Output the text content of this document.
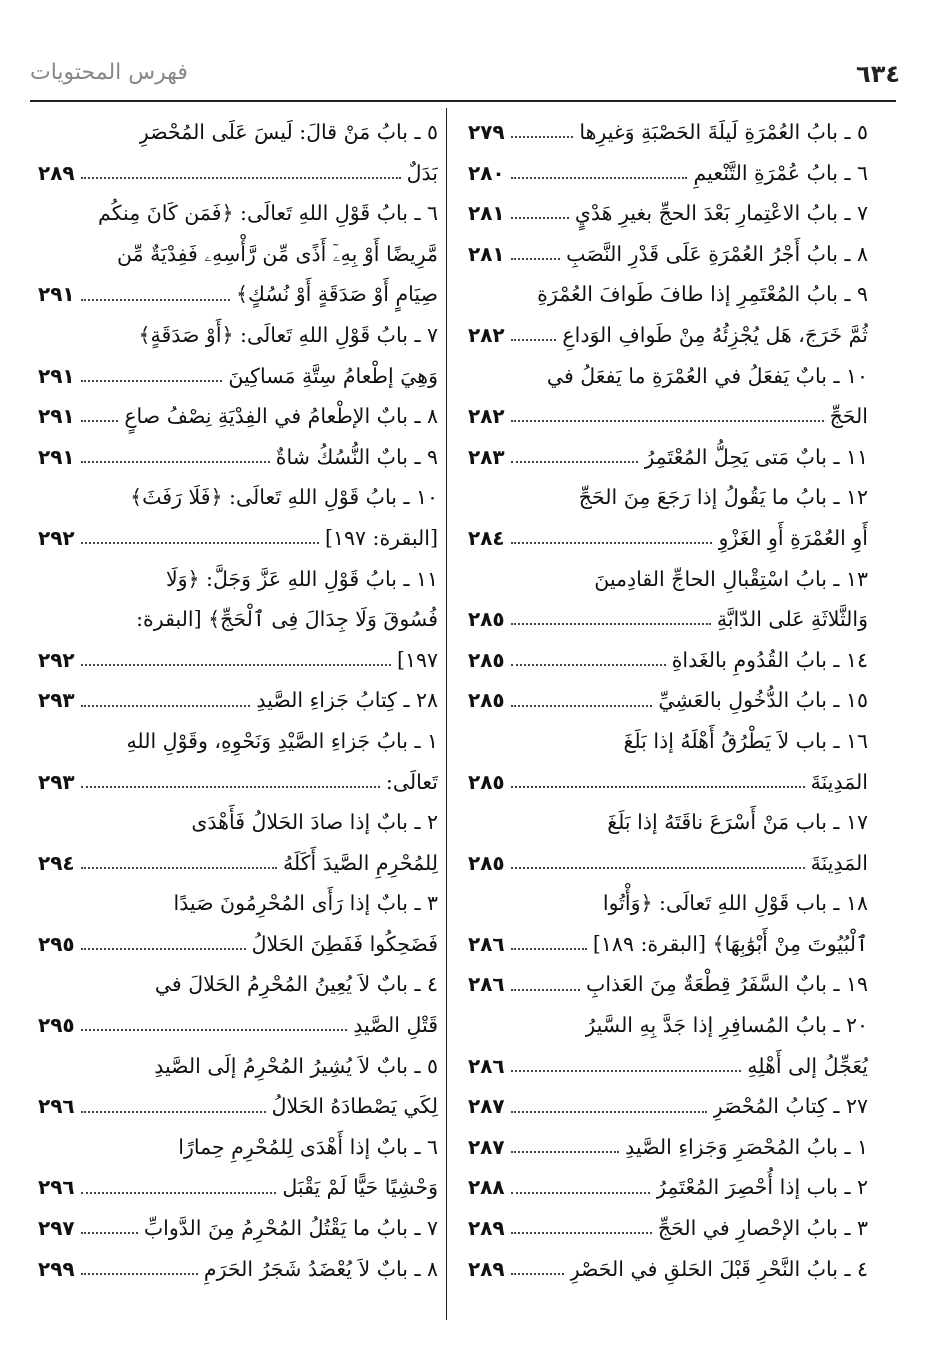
٦٣٤
فهرس المحتويات
٥ ـ بابُ العُمْرَةِ لَيلَةَ الحَصْبَةِ وَغيرِها
٢٧٩
٦ ـ بابُ عُمْرَةِ التَّنْعيمِ
٢٨٠
٧ ـ بابُ الاعْتِمارِ بَعْدَ الحجِّ بغيرِ هَدْيٍ
٢٨١
٨ ـ بابُ أَجْرُ العُمْرَةِ عَلَى قَدْرِ النَّصَبِ
٢٨١
٩ ـ بابُ المُعْتَمِرِ إذا طافَ طَوافَ العُمْرَةِ
ثُمَّ خَرَجَ، هَل يُجْزِئُهُ مِنْ طَوافِ الوَداعِ
٢٨٢
١٠ ـ بابٌ يَفعَلُ في العُمْرَةِ ما يَفعَلُ في
الحَجِّ
٢٨٢
١١ ـ بابٌ مَتى يَحِلُّ المُعْتَمِرُ
٢٨٣
١٢ ـ بابُ ما يَقُولُ إذا رَجَعَ مِنَ الحَجِّ
أَوِ العُمْرَةِ أَوِ الغَزْوِ
٢٨٤
١٣ ـ بابُ اسْتِقْبالِ الحاجِّ القادِمينَ
وَالثَّلاثَةِ عَلى الدّابَّةِ
٢٨٥
١٤ ـ بابُ القُدُومِ بالغَداةِ
٢٨٥
١٥ ـ بابُ الدُّخُولِ بالعَشِيِّ
٢٨٥
١٦ ـ باب لاَ يَطْرُقُ أَهْلَهُ إذا بَلَغَ
المَدِينَةَ
٢٨٥
١٧ ـ باب مَنْ أَسْرَعَ ناقَتَهُ إذا بَلَغَ
المَدِينَةَ
٢٨٥
١٨ ـ باب قَوْلِ اللهِ تَعالَى: ﴿وَأْتُوا
ٱلْبُيُوتَ مِنْ أَبْوَٰبِهَا﴾ [البقرة: ١٨٩]
٢٨٦
١٩ ـ بابٌ السَّفَرُ قِطْعَةٌ مِنَ العَذابِ
٢٨٦
٢٠ ـ بابُ المُسافِرِ إذا جَدَّ بِهِ السَّيرُ
يُعَجِّلُ إلى أَهْلِهِ
٢٨٦
٢٧ ـ كِتابُ المُحْصَرِ
٢٨٧
١ ـ بابُ المُحْصَرِ وَجَزاءِ الصَّيدِ
٢٨٧
٢ ـ باب إذا أُحْصِرَ المُعْتَمِرُ
٢٨٨
٣ ـ بابُ الإحْصارِ في الحَجِّ
٢٨٩
٤ ـ بابُ النَّحْرِ قَبْلَ الحَلقِ في الحَصْرِ
٢٨٩
٥ ـ بابُ مَنْ قالَ: لَيسَ عَلَى المُحْصَرِ
بَدَلٌ
٢٨٩
٦ ـ بابُ قَوْلِ اللهِ تَعالَى: ﴿فَمَن كَانَ مِنكُم
مَّرِيضًا أَوْ بِهِۦٓ أَذًى مِّن رَّأْسِهِۦ فَفِدْيَةٌ مِّن
صِيَامٍ أَوْ صَدَقَةٍ أَوْ نُسُكٍ﴾
٢٩١
٧ ـ بابُ قَوْلِ اللهِ تَعالَى: ﴿أَوْ صَدَقَةٍ﴾
وَهِيَ إطْعامُ سِتَّةِ مَساكِينَ
٢٩١
٨ ـ بابٌ الإطْعامُ في الفِدْيَةِ نِصْفُ صاعٍ
٢٩١
٩ ـ بابٌ النُّسُكُ شاةٌ
٢٩١
١٠ ـ بابُ قَوْلِ اللهِ تَعالَى: ﴿فَلَا رَفَثَ﴾
[البقرة: ١٩٧]
٢٩٢
١١ ـ بابُ قَوْلِ اللهِ عَزَّ وَجَلَّ: ﴿وَلَا
فُسُوقَ وَلَا جِدَالَ فِى ٱلْحَجِّ﴾ [البقرة:
١٩٧]
٢٩٢
٢٨ ـ كِتابُ جَزاءِ الصَّيدِ
٢٩٣
١ ـ بابُ جَزاءِ الصَّيْدِ وَنَحْوِهِ، وقَوْلِ اللهِ
تَعالَى:
٢٩٣
٢ ـ بابٌ إذا صادَ الحَلالُ فَأَهْدَى
لِلمُحْرِمِ الصَّيدَ أَكَلَهُ
٢٩٤
٣ ـ بابٌ إذا رَأَى المُحْرِمُونَ صَيدًا
فَضَحِكُوا فَفَطِنَ الحَلالُ
٢٩٥
٤ ـ بابٌ لاَ يُعِينُ المُحْرِمُ الحَلالَ في
قَتْلِ الصَّيدِ
٢٩٥
٥ ـ بابٌ لاَ يُشِيرُ المُحْرِمُ إلَى الصَّيدِ
لِكَي يَصْطادَهُ الحَلالُ
٢٩٦
٦ ـ بابٌ إذا أَهْدَى لِلمُحْرِمِ حِمارًا
وَحْشِيًا حَيًّا لَمْ يَقْبَل
٢٩٦
٧ ـ بابُ ما يَقْتُلُ المُحْرِمُ مِنَ الدَّوابِّ
٢٩٧
٨ ـ بابٌ لاَ يُعْضَدُ شَجَرُ الحَرَمِ
٢٩٩
